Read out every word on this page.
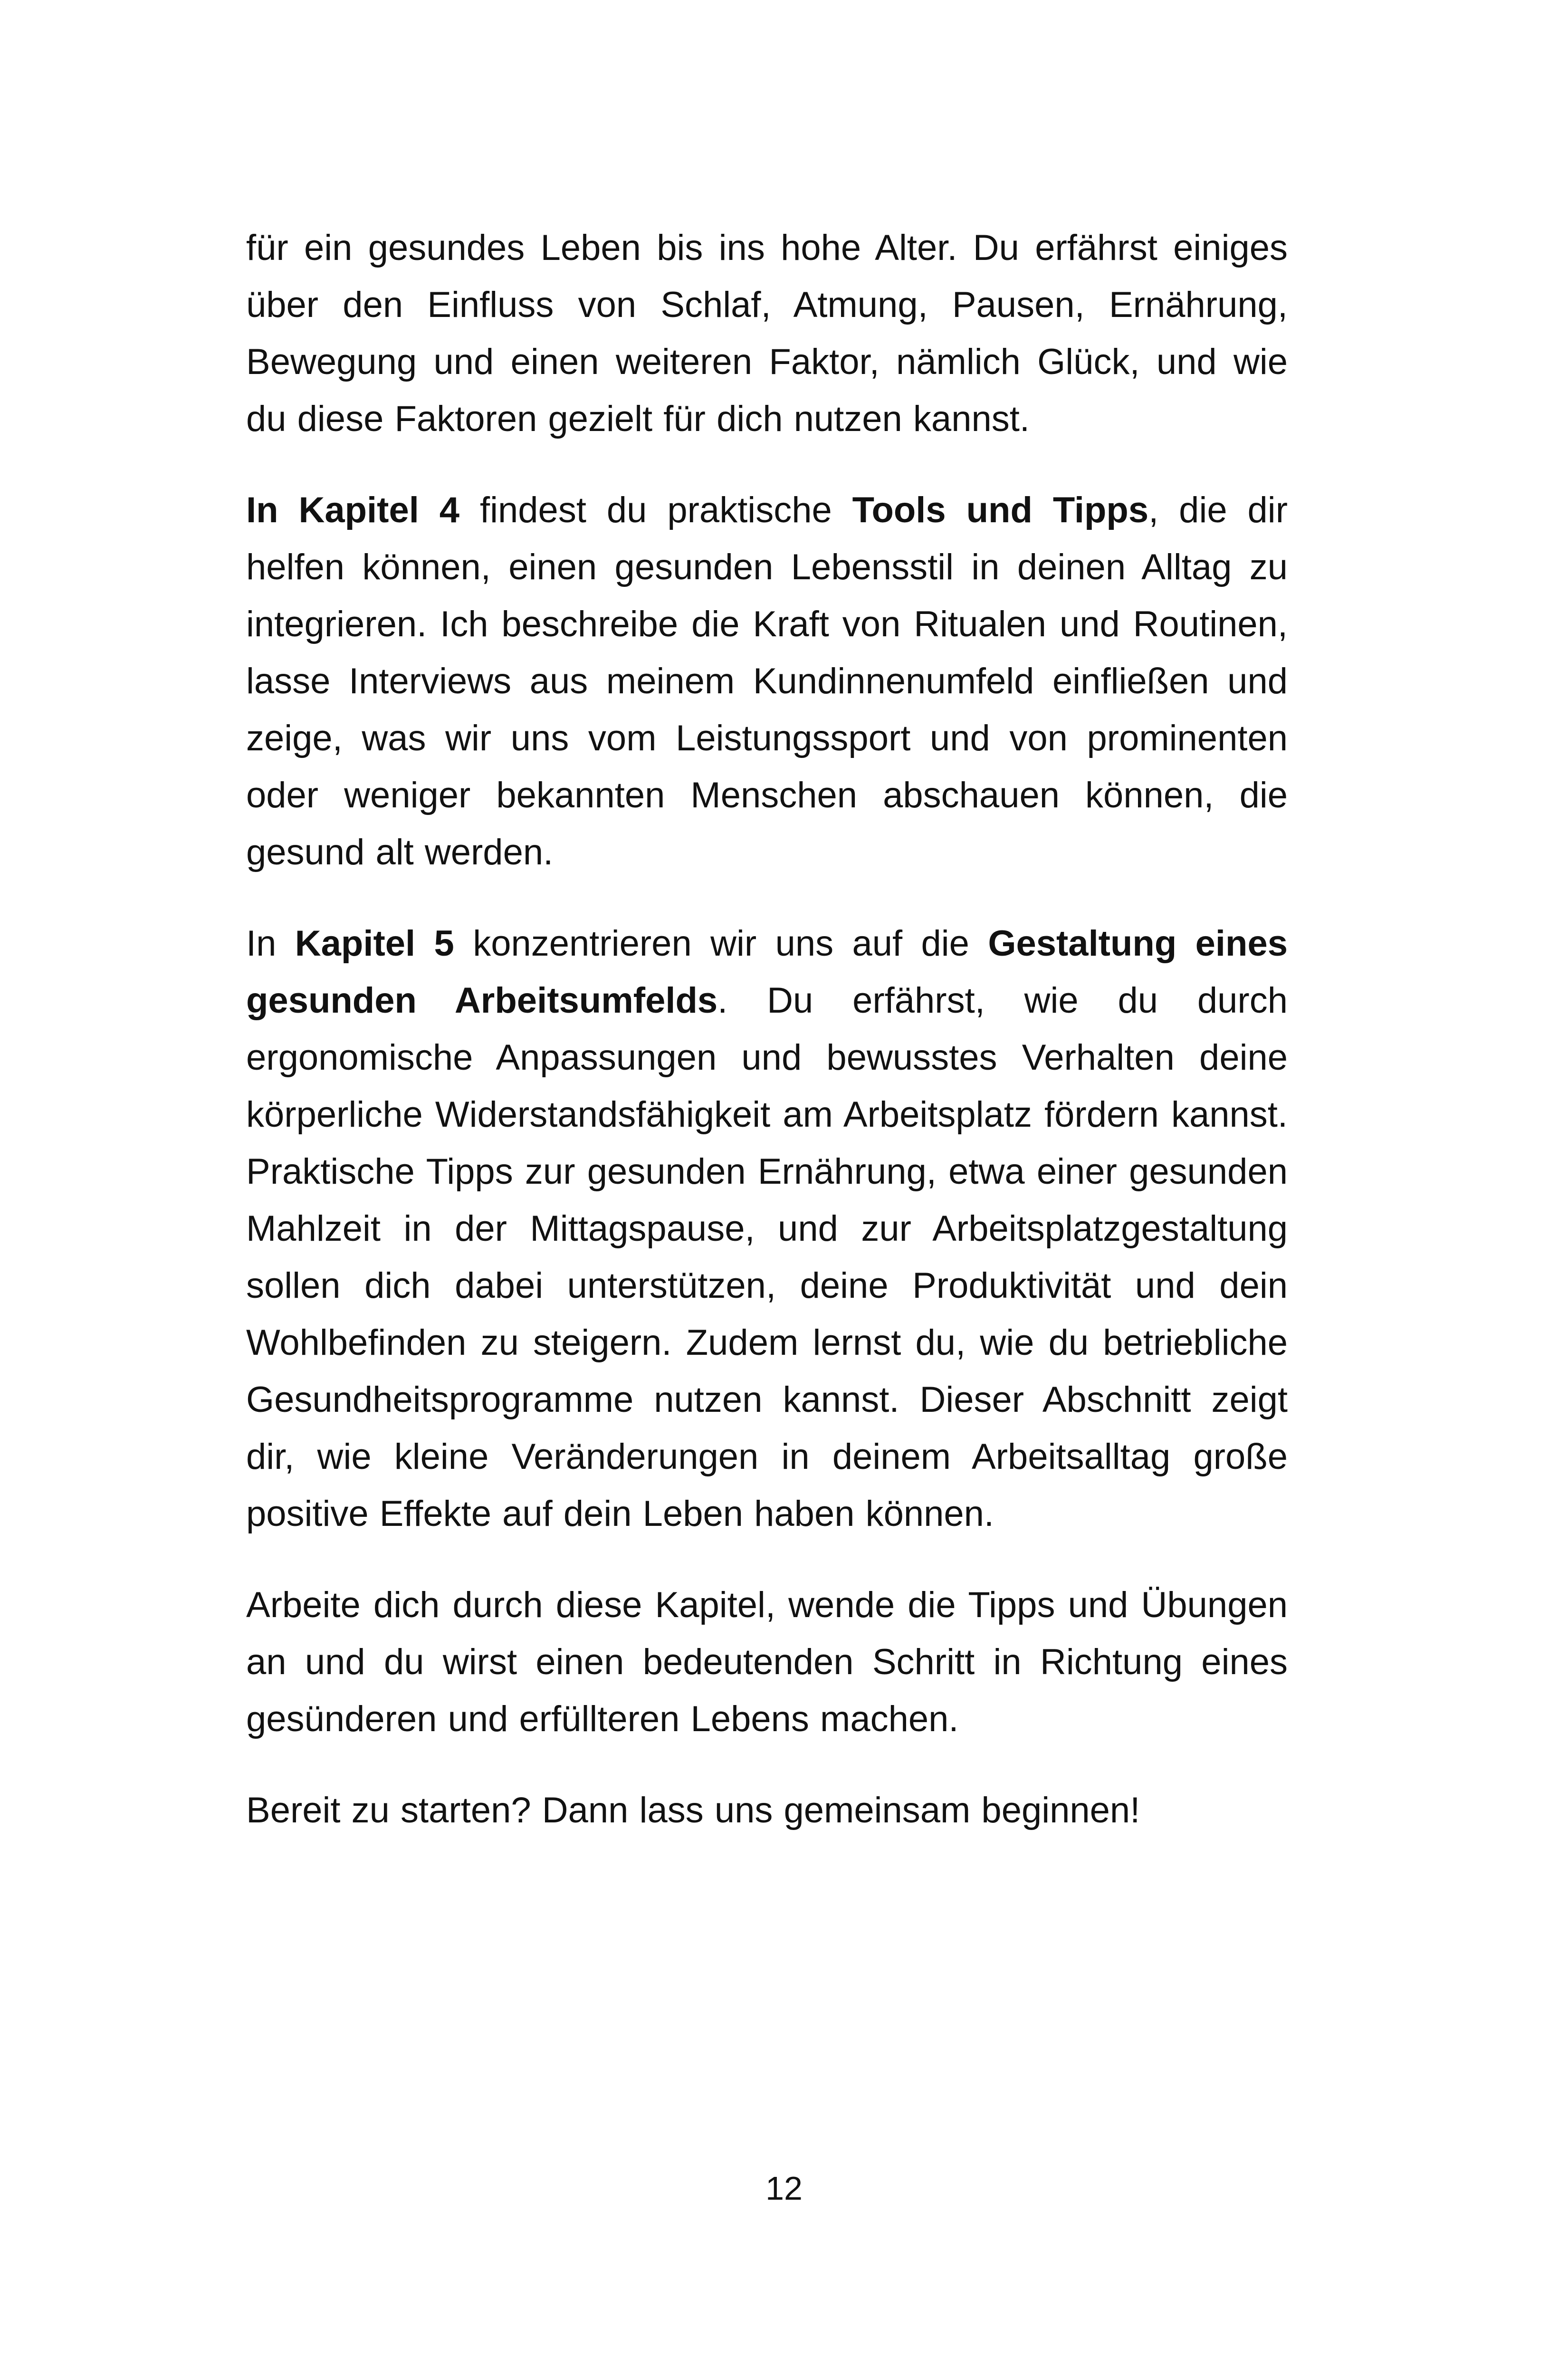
für ein gesundes Leben bis ins hohe Alter. Du erfährst einiges über den Einfluss von Schlaf, Atmung, Pausen, Ernährung, Bewegung und einen weiteren Faktor, nämlich Glück, und wie du diese Faktoren gezielt für dich nutzen kannst.

In Kapitel 4 findest du praktische Tools und Tipps, die dir helfen können, einen gesunden Lebensstil in deinen Alltag zu integrieren. Ich beschreibe die Kraft von Ritualen und Routinen, lasse Interviews aus meinem Kundinnenumfeld einfließen und zeige, was wir uns vom Leistungssport und von prominenten oder weniger bekannten Menschen abschauen können, die gesund alt werden.

In Kapitel 5 konzentrieren wir uns auf die Gestaltung eines gesunden Arbeitsumfelds. Du erfährst, wie du durch ergonomische Anpassungen und bewusstes Verhalten deine körperliche Widerstandsfähigkeit am Arbeitsplatz fördern kannst. Praktische Tipps zur gesunden Ernährung, etwa einer gesunden Mahlzeit in der Mittagspause, und zur Arbeitsplatzgestaltung sollen dich dabei unterstützen, deine Produktivität und dein Wohlbefinden zu steigern. Zudem lernst du, wie du betriebliche Gesundheitsprogramme nutzen kannst. Dieser Abschnitt zeigt dir, wie kleine Veränderungen in deinem Arbeitsalltag große positive Effekte auf dein Leben haben können.

Arbeite dich durch diese Kapitel, wende die Tipps und Übungen an und du wirst einen bedeutenden Schritt in Richtung eines gesünderen und erfüllteren Lebens machen.

Bereit zu starten? Dann lass uns gemeinsam beginnen!

12
